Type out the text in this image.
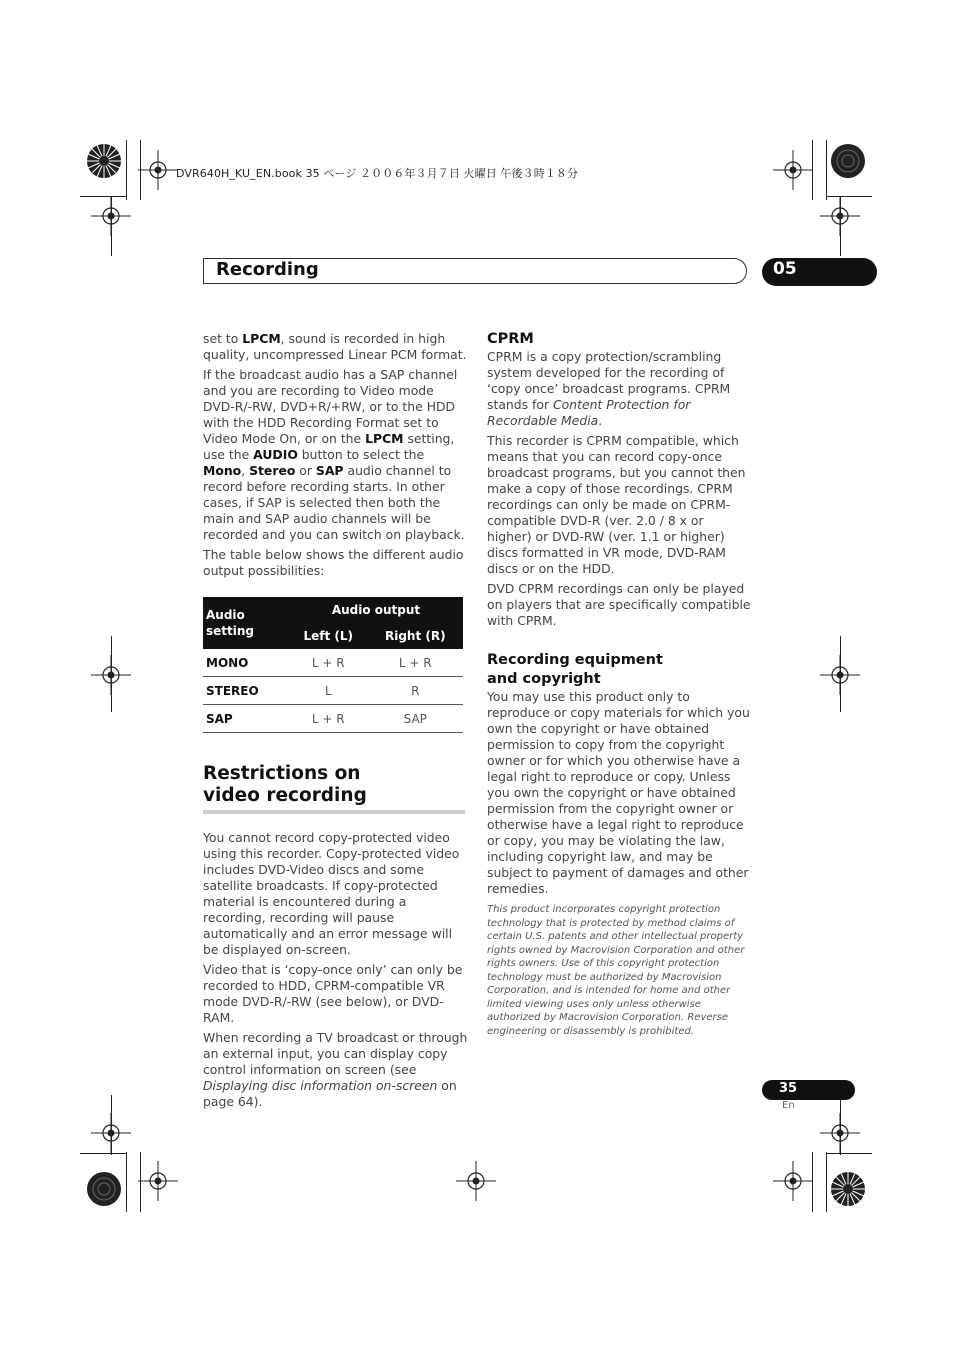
DVR640H_KU_EN.book 35 ページ ２００６年３月７日 火曜日 午後３時１８分
Recording	05
set to LPCM, sound is recorded in high quality, uncompressed Linear PCM format.
If the broadcast audio has a SAP channel and you are recording to Video mode DVD-R/-RW, DVD+R/+RW, or to the HDD with the HDD Recording Format set to Video Mode On, or on the LPCM setting, use the AUDIO button to select the Mono, Stereo or SAP audio channel to record before recording starts. In other cases, if SAP is selected then both the main and SAP audio channels will be recorded and you can switch on playback.
The table below shows the different audio output possibilities:
Audio setting	Audio output	
	Left (L)	Right (R)
MONO	L + R	L + R
STEREO	L	R
SAP	L + R	SAP
Restrictions on video recording
You cannot record copy-protected video using this recorder. Copy-protected video includes DVD-Video discs and some satellite broadcasts. If copy-protected material is encountered during a recording, recording will pause automatically and an error message will be displayed on-screen.
Video that is ‘copy-once only’ can only be recorded to HDD, CPRM-compatible VR mode DVD-R/-RW (see below), or DVD-RAM.
When recording a TV broadcast or through an external input, you can display copy control information on screen (see Displaying disc information on-screen on page 64).
CPRM
CPRM is a copy protection/scrambling system developed for the recording of ‘copy once’ broadcast programs. CPRM stands for Content Protection for Recordable Media.
This recorder is CPRM compatible, which means that you can record copy-once broadcast programs, but you cannot then make a copy of those recordings. CPRM recordings can only be made on CPRM-compatible DVD-R (ver. 2.0 / 8 x or higher) or DVD-RW (ver. 1.1 or higher) discs formatted in VR mode, DVD-RAM discs or on the HDD.
DVD CPRM recordings can only be played on players that are specifically compatible with CPRM.
Recording equipment and copyright
You may use this product only to reproduce or copy materials for which you own the copyright or have obtained permission to copy from the copyright owner or for which you otherwise have a legal right to reproduce or copy. Unless you own the copyright or have obtained permission from the copyright owner or otherwise have a legal right to reproduce or copy, you may be violating the law, including copyright law, and may be subject to payment of damages and other remedies.
This product incorporates copyright protection technology that is protected by method claims of certain U.S. patents and other intellectual property rights owned by Macrovision Corporation and other rights owners. Use of this copyright protection technology must be authorized by Macrovision Corporation, and is intended for home and other limited viewing uses only unless otherwise authorized by Macrovision Corporation. Reverse engineering or disassembly is prohibited.
35
En
